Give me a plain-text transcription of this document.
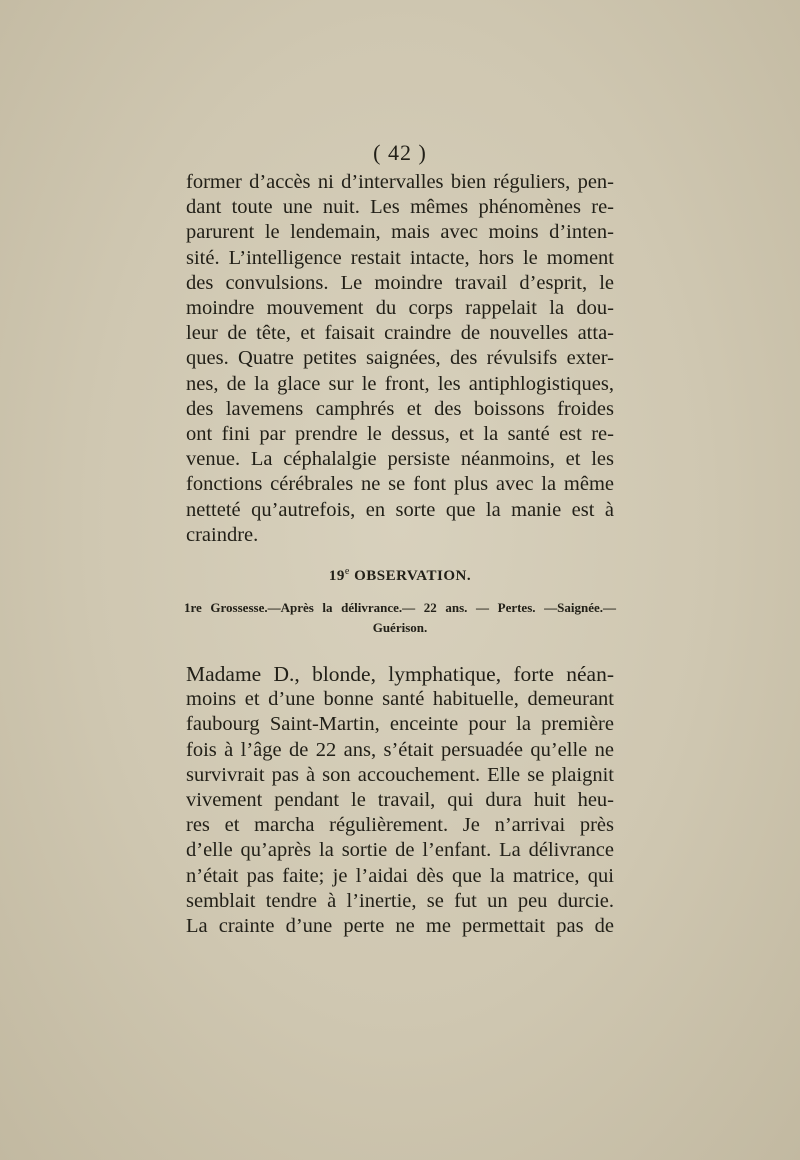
( 42 )
former d’accès ni d’intervalles bien réguliers, pen-
dant toute une nuit. Les mêmes phénomènes re-
parurent le lendemain, mais avec moins d’inten-
sité. L’intelligence restait intacte, hors le moment
des convulsions. Le moindre travail d’esprit, le
moindre mouvement du corps rappelait la dou-
leur de tête, et faisait craindre de nouvelles atta-
ques. Quatre petites saignées, des révulsifs exter-
nes, de la glace sur le front, les antiphlogistiques,
des lavemens camphrés et des boissons froides
ont fini par prendre le dessus, et la santé est re-
venue. La céphalalgie persiste néanmoins, et les
fonctions cérébrales ne se font plus avec la même
netteté qu’autrefois, en sorte que la manie est à
craindre.
19e OBSERVATION.
1re Grossesse.—Après la délivrance.— 22 ans. — Pertes. —Saignée.—
Guérison.
Madame D., blonde, lymphatique, forte néan-
moins et d’une bonne santé habituelle, demeurant
faubourg Saint-Martin, enceinte pour la première
fois à l’âge de 22 ans, s’était persuadée qu’elle ne
survivrait pas à son accouchement. Elle se plaignit
vivement pendant le travail, qui dura huit heu-
res et marcha régulièrement. Je n’arrivai près
d’elle qu’après la sortie de l’enfant. La délivrance
n’était pas faite; je l’aidai dès que la matrice, qui
semblait tendre à l’inertie, se fut un peu durcie.
La crainte d’une perte ne me permettait pas de
